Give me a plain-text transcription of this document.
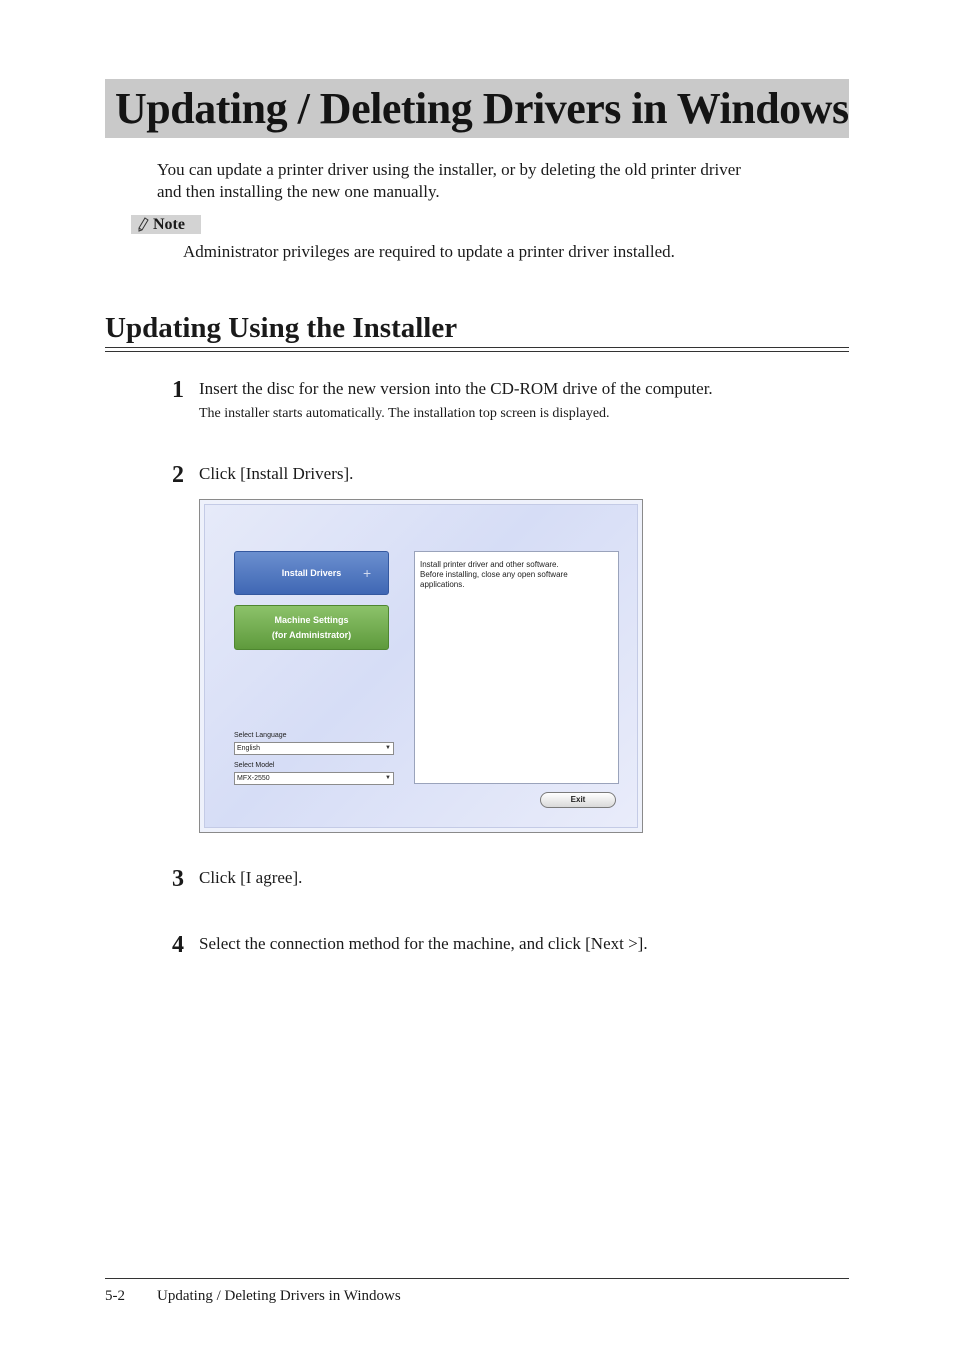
Updating / Deleting Drivers in Windows
You can update a printer driver using the installer, or by deleting the old printer driver
and then installing the new one manually.
Note
Administrator privileges are required to update a printer driver installed.
Updating Using the Installer
1 Insert the disc for the new version into the CD-ROM drive of the computer.
The installer starts automatically. The installation top screen is displayed.
2 Click [Install Drivers].
Install Drivers +
Machine Settings
(for Administrator)
Install printer driver and other software.
Before installing, close any open software
applications.
Select Language
English	▼
Select Model
MFX-2550	▼
Exit
3 Click [I agree].
4 Select the connection method for the machine, and click [Next >].
5-2 Updating / Deleting Drivers in Windows
